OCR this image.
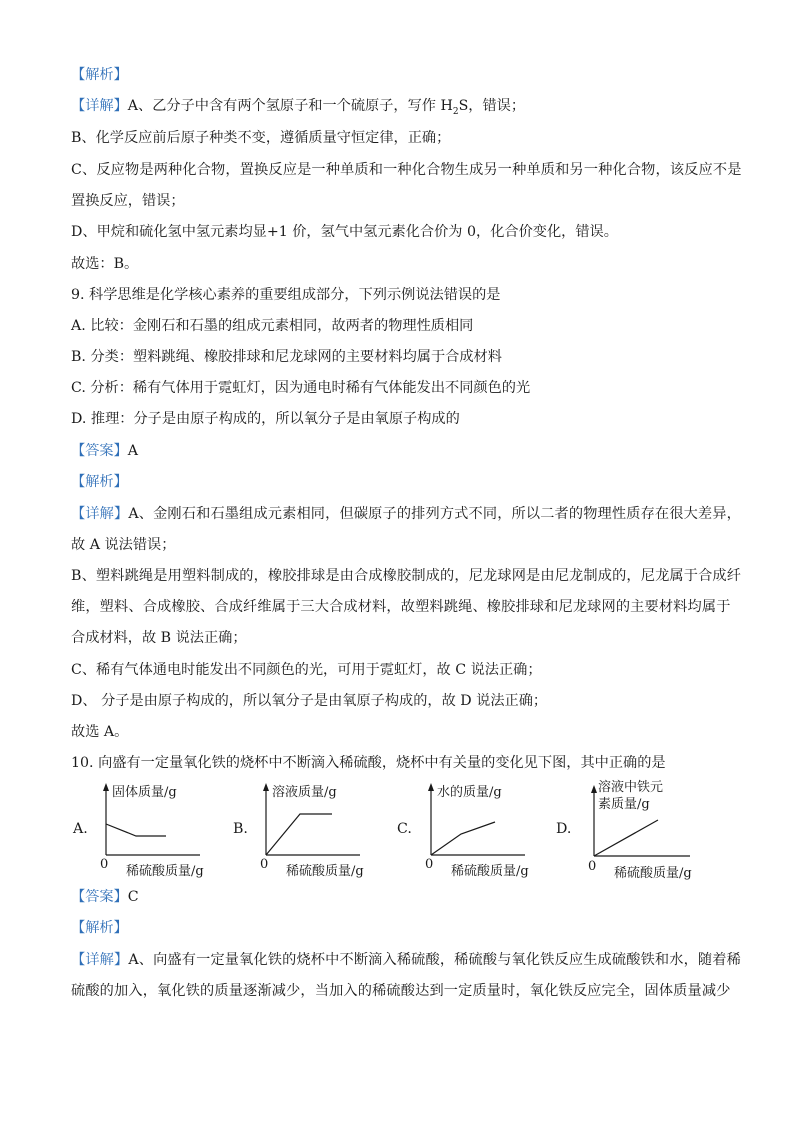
【解析】
【详解】A、乙分子中含有两个氢原子和一个硫原子，写作 $H_2S$，错误；
B、化学反应前后原子种类不变，遵循质量守恒定律，正确；
C、反应物是两种化合物，置换反应是一种单质和一种化合物生成另一种单质和另一种化合物，该反应不是
置换反应，错误；
D、甲烷和硫化氢中氢元素均显+1 价，氢气中氢元素化合价为 0，化合价变化，错误。
故选：B。
9. 科学思维是化学核心素养的重要组成部分，下列示例说法错误的是
A. 比较：金刚石和石墨的组成元素相同，故两者的物理性质相同
B. 分类：塑料跳绳、橡胶排球和尼龙球网的主要材料均属于合成材料
C. 分析：稀有气体用于霓虹灯，因为通电时稀有气体能发出不同颜色的光
D. 推理：分子是由原子构成的，所以氧分子是由氧原子构成的
【答案】A
【解析】
【详解】A、金刚石和石墨组成元素相同，但碳原子的排列方式不同，所以二者的物理性质存在很大差异，
故 A 说法错误；
B、塑料跳绳是用塑料制成的，橡胶排球是由合成橡胶制成的，尼龙球网是由尼龙制成的，尼龙属于合成纤
维，塑料、合成橡胶、合成纤维属于三大合成材料，故塑料跳绳、橡胶排球和尼龙球网的主要材料均属于
合成材料，故 B 说法正确；
C、稀有气体通电时能发出不同颜色的光，可用于霓虹灯，故 C 说法正确；
D、 分子是由原子构成的，所以氧分子是由氧原子构成的，故 D 说法正确；
故选 A。
10. 向盛有一定量氧化铁的烧杯中不断滴入稀硫酸，烧杯中有关量的变化见下图，其中正确的是
A.
固体质量/g
0 稀硫酸质量/g
B.
溶液质量/g
0 稀硫酸质量/g
C.
水的质量/g
0 稀硫酸质量/g
D.
溶液中铁元
素质量/g
0 稀硫酸质量/g
【答案】C
【解析】
【详解】A、向盛有一定量氧化铁的烧杯中不断滴入稀硫酸，稀硫酸与氧化铁反应生成硫酸铁和水，随着稀
硫酸的加入，氧化铁的质量逐渐减少，当加入的稀硫酸达到一定质量时，氧化铁反应完全，固体质量减少
